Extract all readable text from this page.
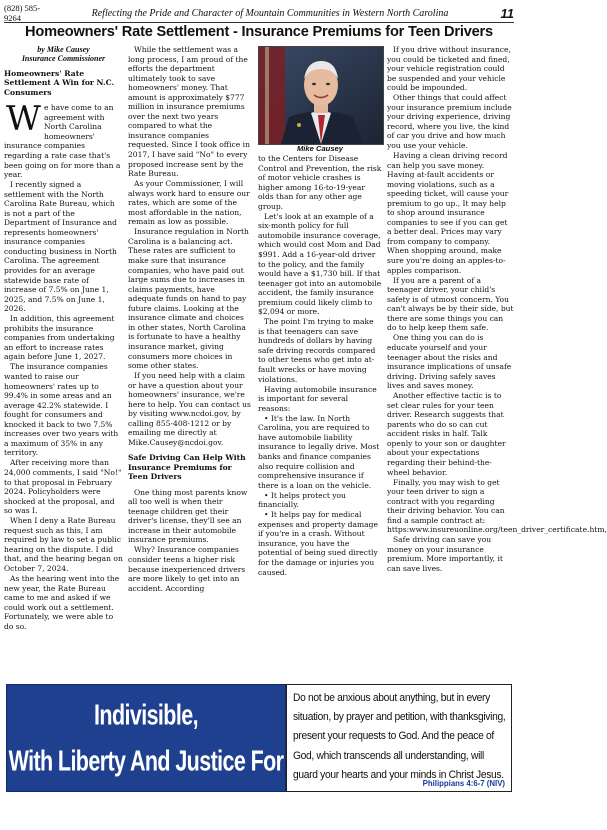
(828) 585-9264	Reflecting the Pride and Character of Mountain Communities in Western North Carolina	11
Homeowners' Rate Settlement - Insurance Premiums for Teen Drivers
by Mike Causey
Insurance Commissioner
Homeowners' Rate Settlement A Win for N.C. Consumers

We have come to an agreement with North Carolina homeowners' insurance companies regarding a rate case that's been going on for more than a year.

I recently signed a settlement with the North Carolina Rate Bureau, which is not a part of the Department of Insurance and represents homeowners' insurance companies conducting business in North Carolina. The agreement provides for an average statewide base rate of increase of 7.5% on June 1, 2025, and 7.5% on June 1, 2026.

In addition, this agreement prohibits the insurance companies from undertaking an effort to increase rates again before June 1, 2027.

The insurance companies wanted to raise our homeowners' rates up to 99.4% in some areas and an average 42.2% statewide. I fought for consumers and knocked it back to two 7.5% increases over two years with a maximum of 35% in any territory.

After receiving more than 24,000 comments, I said "No!" to that proposal in February 2024. Policyholders were shocked at the proposal, and so was I.

When I deny a Rate Bureau request such as this, I am required by law to set a public hearing on the dispute. I did that, and the hearing began on October 7, 2024.

As the hearing went into the new year, the Rate Bureau came to me and asked if we could work out a settlement. Fortunately, we were able to do so.

While the settlement was a long process, I am proud of the efforts the department ultimately took to save homeowners' money. That amount is approximately $777 million in insurance premiums over the next two years compared to what the insurance companies requested. Since I took office in 2017, I have said "No" to every proposed increase sent by the Rate Bureau.

As your Commissioner, I will always work hard to ensure our rates, which are some of the most affordable in the nation, remain as low as possible.

Insurance regulation in North Carolina is a balancing act. These rates are sufficient to make sure that insurance companies, who have paid out large sums due to increases in claims payments, have adequate funds on hand to pay future claims. Looking at the insurance climate and choices in other states, North Carolina is fortunate to have a healthy insurance market, giving consumers more choices in some other states.

If you need help with a claim or have a question about your homeowners' insurance, we're here to help. You can contact us by visiting www.ncdoi.gov, by calling 855-408-1212 or by emailing me directly at Mike.Causey@ncdoi.gov.

Safe Driving Can Help With Insurance Premiums for Teen Drivers

One thing most parents know all too well is when their teenage children get their driver's license, they'll see an increase in their automobile insurance premiums.

Why? Insurance companies consider teens a higher risk because inexperienced drivers are more likely to get into an accident. According

Mike Causey

to the Centers for Disease Control and Prevention, the risk of motor vehicle crashes is higher among 16-to-19-year olds than for any other age group.

Let's look at an example of a six-month policy for full automobile insurance coverage, which would cost Mom and Dad $991. Add a 16-year-old driver to the policy, and the family would have a $1,730 bill. If that teenager got into an automobile accident, the family insurance premium could likely climb to $2,094 or more.

The point I'm trying to make is that teenagers can save hundreds of dollars by having safe driving records compared to other teens who get into at-fault wrecks or have moving violations.

Having automobile insurance is important for several reasons:

• It's the law. In North Carolina, you are required to have automobile liability insurance to legally drive. Most banks and finance companies also require collision and comprehensive insurance if there is a loan on the vehicle.

• It helps protect you financially.

• It helps pay for medical expenses and property damage if you're in a crash. Without insurance, you have the potential of being sued directly for the damage or injuries you caused.

If you drive without insurance, you could be ticketed and fined, your vehicle registration could be suspended and your vehicle could be impounded.

Other things that could affect your insurance premium include your driving experience, driving record, where you live, the kind of car you drive and how much you use your vehicle.

Having a clean driving record can help you save money. Having at-fault accidents or moving violations, such as a speeding ticket, will cause your premium to go up., It may help to shop around insurance companies to see if you can get a better deal. Prices may vary from company to company. When shopping around, make sure you're doing an apples-to-apples comparison.

If you are a parent of a teenager driver, your child's safety is of utmost concern. You can't always be by their side, but there are some things you can do to help keep them safe.

One thing you can do is educate yourself and your teenager about the risks and insurance implications of unsafe driving. Driving safely saves lives and saves money.

Another effective tactic is to set clear rules for your teen driver. Research suggests that parents who do so can cut accident risks in half. Talk openly to your son or daughter about your expectations regarding their behind-the-wheel behavior.

Finally, you may wish to get your teen driver to sign a contract with you regarding their driving behavior. You can find a sample contract at: https:www.insureuonline.org/teen_driver_certificate.htm,

Safe driving can save you money on your insurance premium. More importantly, it can save lives.

One Nation Under God, Indivisible,
With Liberty And Justice For All !!!
Do not be anxious about anything, but in every situation, by prayer and petition, with thanksgiving, present your requests to God. And the peace of God, which transcends all understanding, will guard your hearts and your minds in Christ Jesus.
Philippians 4:6-7 (NIV)
